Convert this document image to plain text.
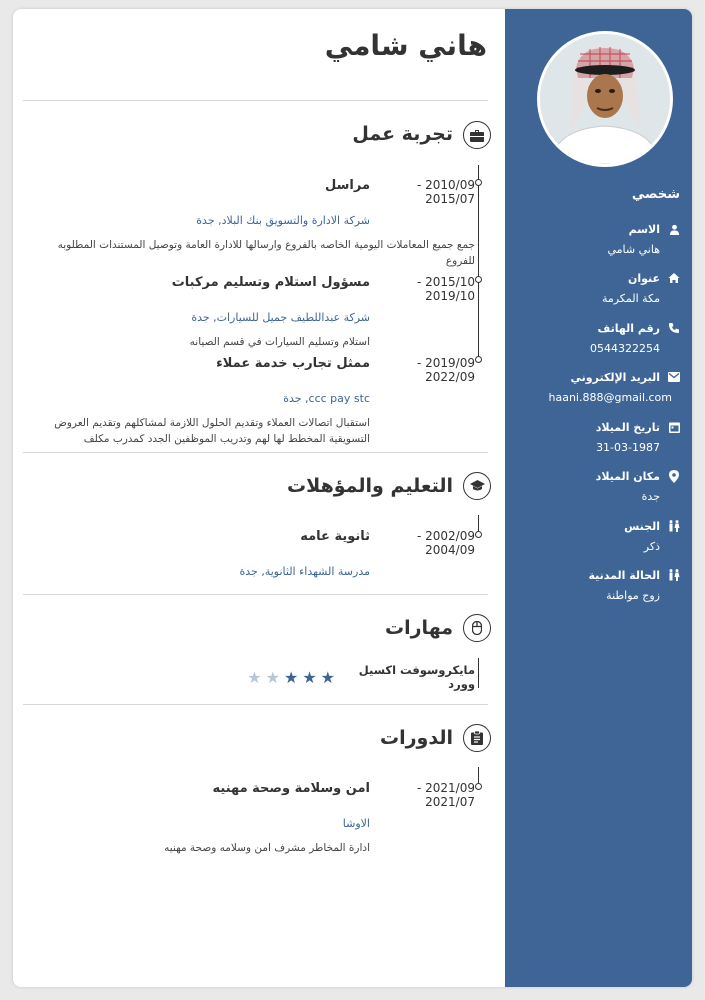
شخصي
الاسم
هاني شامي
عنوان
مكة المكرمة
رقم الهاتف
0544322254
البريد الإلكتروني
haani.888@gmail.com
تاريخ الميلاد
31-03-1987
مكان الميلاد
جدة
الجنس
ذكر
الحالة المدنية
زوج مواطنة
هاني شامي
تجربة عمل
2010/09 - 2015/07
مراسل
شركة الادارة والتسويق بنك البلاد, جدة
جمع جميع المعاملات اليومية الخاصه بالفروع وارسالها للادارة العامة وتوصيل المستندات المطلوبه للفروع
2015/10 - 2019/10
مسؤول استلام وتسليم مركبات
شركة عبداللطيف جميل للسيارات, جدة
استلام وتسليم السيارات في قسم الصيانه
2019/09 - 2022/09
ممثل تجارب خدمة عملاء
ccc pay stc, جدة
استقبال اتصالات العملاء وتقديم الحلول اللازمة لمشاكلهم وتقديم العروض التسويقية المخطط لها لهم وتدريب الموظفين الجدد كمدرب مكلف
التعليم والمؤهلات
2002/09 - 2004/09
ثانوية عامه
مدرسة الشهداء الثانوية, جدة
مهارات
مايكروسوفت اكسيل وورد
★
★
★
★
★
الدورات
2021/09 - 2021/07
امن وسلامة وصحة مهنيه
الاوشا
ادارة المخاطر مشرف امن وسلامه وصحة مهنيه
